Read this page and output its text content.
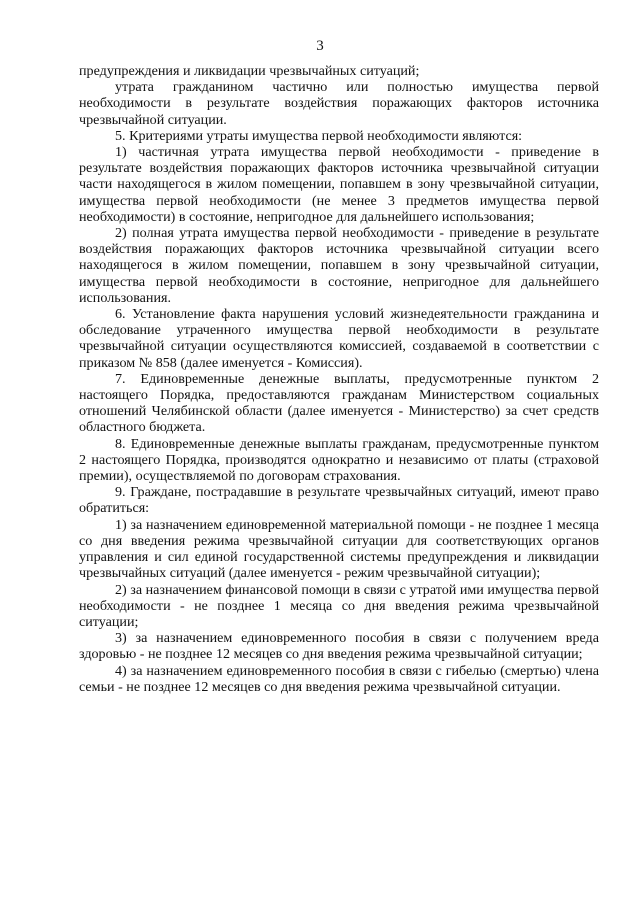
3

предупреждения и ликвидации чрезвычайных ситуаций;

утрата гражданином частично или полностью имущества первой необходимости в результате воздействия поражающих факторов источника чрезвычайной ситуации.

5. Критериями утраты имущества первой необходимости являются:

1) частичная утрата имущества первой необходимости - приведение в результате воздействия поражающих факторов источника чрезвычайной ситуации части находящегося в жилом помещении, попавшем в зону чрезвычайной ситуации, имущества первой необходимости (не менее 3 предметов имущества первой необходимости) в состояние, непригодное для дальнейшего использования;

2) полная утрата имущества первой необходимости - приведение в результате воздействия поражающих факторов источника чрезвычайной ситуации всего находящегося в жилом помещении, попавшем в зону чрезвычайной ситуации, имущества первой необходимости в состояние, непригодное для дальнейшего использования.

6. Установление факта нарушения условий жизнедеятельности гражданина и обследование утраченного имущества первой необходимости в результате чрезвычайной ситуации осуществляются комиссией, создаваемой в соответствии с приказом № 858 (далее именуется - Комиссия).

7. Единовременные денежные выплаты, предусмотренные пунктом 2 настоящего Порядка, предоставляются гражданам Министерством социальных отношений Челябинской области (далее именуется - Министерство) за счет средств областного бюджета.

8. Единовременные денежные выплаты гражданам, предусмотренные пунктом 2 настоящего Порядка, производятся однократно и независимо от платы (страховой премии), осуществляемой по договорам страхования.

9. Граждане, пострадавшие в результате чрезвычайных ситуаций, имеют право обратиться:

1) за назначением единовременной материальной помощи - не позднее 1 месяца со дня введения режима чрезвычайной ситуации для соответствующих органов управления и сил единой государственной системы предупреждения и ликвидации чрезвычайных ситуаций (далее именуется - режим чрезвычайной ситуации);

2) за назначением финансовой помощи в связи с утратой ими имущества первой необходимости - не позднее 1 месяца со дня введения режима чрезвычайной ситуации;

3) за назначением единовременного пособия в связи с получением вреда здоровью - не позднее 12 месяцев со дня введения режима чрезвычайной ситуации;

4) за назначением единовременного пособия в связи с гибелью (смертью) члена семьи - не позднее 12 месяцев со дня введения режима чрезвычайной ситуации.
